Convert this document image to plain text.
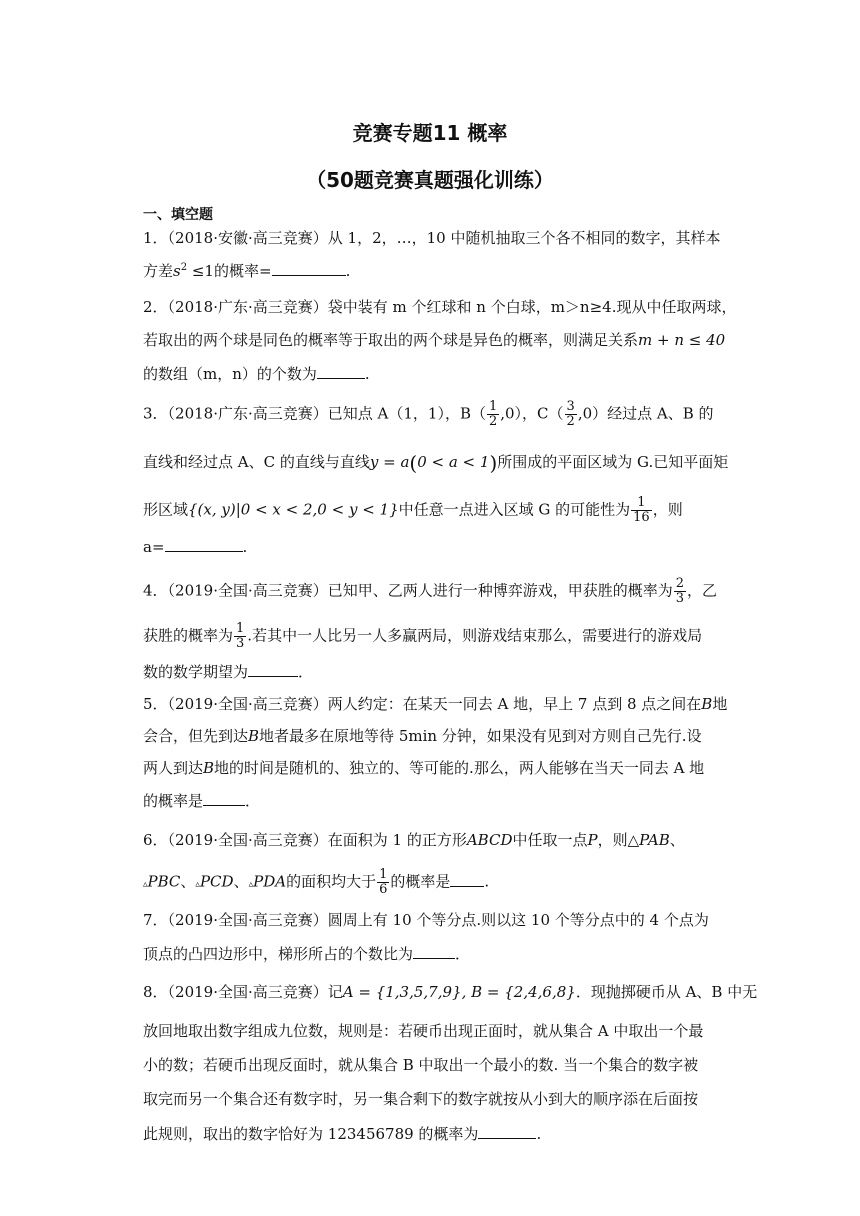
竞赛专题11 概率
（50题竞赛真题强化训练）
一、填空题
1．（2018·安徽·高三竞赛）从 1，2，…，10 中随机抽取三个各不相同的数字，其样本
方差$s^2 \le 1$的概率=	.
2．（2018·广东·高三竞赛）袋中装有 m 个红球和 n 个白球，m＞n≥4.现从中任取两球，
若取出的两个球是同色的概率等于取出的两个球是异色的概率，则满足关系m + n ≤ 40
的数组（m，n）的个数为	.
3．（2018·广东·高三竞赛）已知点 A（1，1），$B( \frac{1}{2} ,0)$，$C( \frac{3}{2} ,0)$经过点 A、B 的
直线和经过点 A、C 的直线与直线y = a(0 < a < 1)所围成的平面区域为 G.已知平面矩
形区域{(x, y)|0 < x < 2,0 < y < 1}中任意一点进入区域 G 的可能性为 $\frac{1}{16}$ ，则
a=	.
4．（2019·全国·高三竞赛）已知甲、乙两人进行一种博弈游戏，甲获胜的概率为 $\frac{2}{3}$ ，乙
获胜的概率为 $\frac{1}{3}$ .若其中一人比另一人多赢两局，则游戏结束那么，需要进行的游戏局
数的数学期望为	．
5．（2019·全国·高三竞赛）两人约定：在某天一同去 A 地，早上 7 点到 8 点之间在B地
会合，但先到达B地者最多在原地等待 5min 分钟，如果没有见到对方则自己先行.设
两人到达B地的时间是随机的、独立的、等可能的.那么，两人能够在当天一同去 A 地
的概率是	．
6．（2019·全国·高三竞赛）在面积为 1 的正方形ABCD中任取一点P，则△PAB、
▵PBC、▵PCD、▵PDA的面积均大于 $\frac{1}{6}$ 的概率是 .
7．（2019·全国·高三竞赛）圆周上有 10 个等分点.则以这 10 个等分点中的 4 个点为
顶点的凸四边形中，梯形所占的个数比为	．
8．（2019·全国·高三竞赛）记A = {1,3,5,7,9}, B = {2,4,6,8}．现抛掷硬币从 A、B 中无
放回地取出数字组成九位数，规则是：若硬币出现正面时，就从集合 A 中取出一个最
小的数；若硬币出现反面时，就从集合 B 中取出一个最小的数. 当一个集合的数字被
取完而另一个集合还有数字时，另一集合剩下的数字就按从小到大的顺序添在后面按
此规则，取出的数字恰好为 123456789 的概率为	.
